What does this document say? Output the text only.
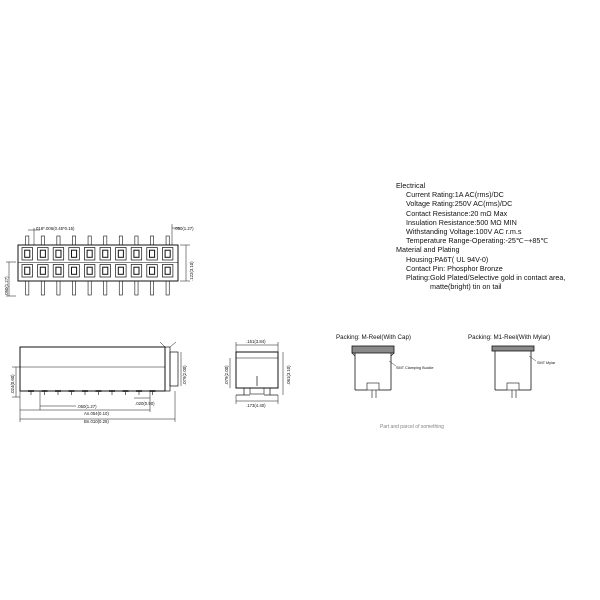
018*.006(0.45*0.15)	.050(1.27)
.122(3.10)
.050(1.27)
.024(0.60)
.050(1.27)
An.054(0.10)
Bn.010(0.25)
.020(0.50)
.079(2.00)
.151(3.84)
.079(2.00)	.061(3.10)
.173(4.40)
Packing: M-Reel(With Cap)
SMT Clamping Buckle
Packing: M1-Reel(With Mylar)
SMT Mylar
Part and parcel of something
Electrical
Current Rating:1A AC(rms)/DC
Voltage Rating:250V AC(rms)/DC
Contact Resistance:20 mΩ Max
Insulation Resistance:500 MΩ MIN
Withstanding Voltage:100V AC r.m.s
Temperature Range-Operating:-25℃~+85℃
Material and Plating
Housing:PA6T( UL 94V-0)
Contact Pin: Phosphor Bronze
Plating:Gold Plated/Selective gold in contact area,
matte(bright) tin on tail
